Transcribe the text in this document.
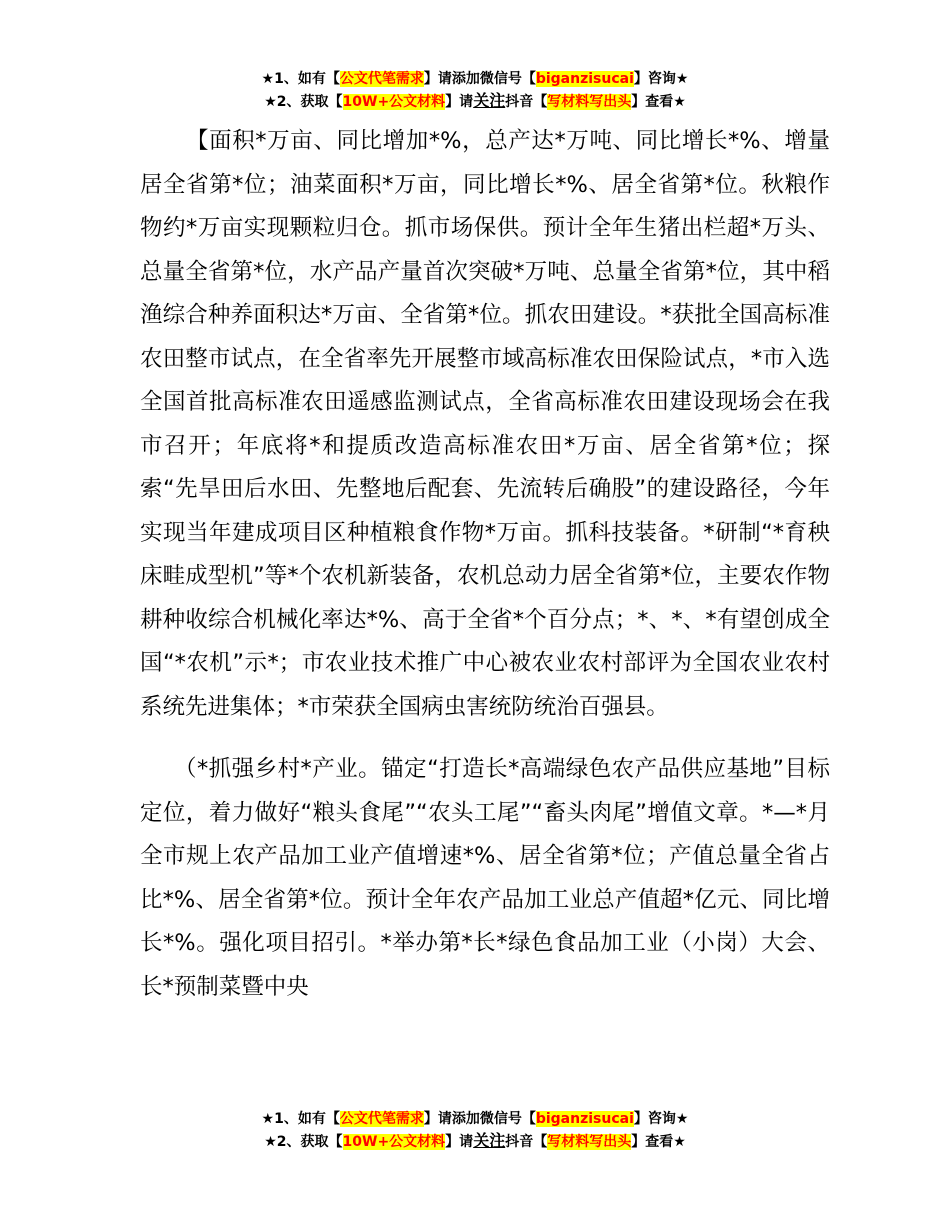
★1、如有【公文代笔需求】请添加微信号【biganzisucai】咨询★
★2、获取【10W+公文材料】请关注抖音【写材料写出头】查看★

【面积*万亩、同比增加*%，总产达*万吨、同比增长*%、增量居全省第*位；油菜面积*万亩，同比增长*%、居全省第*位。秋粮作物约*万亩实现颗粒归仓。抓市场保供。预计全年生猪出栏超*万头、总量全省第*位，水产品产量首次突破*万吨、总量全省第*位，其中稻渔综合种养面积达*万亩、全省第*位。抓农田建设。*获批全国高标准农田整市试点，在全省率先开展整市域高标准农田保险试点，*市入选全国首批高标准农田遥感监测试点，全省高标准农田建设现场会在我市召开；年底将*和提质改造高标准农田*万亩、居全省第*位；探索“先旱田后水田、先整地后配套、先流转后确股”的建设路径，今年实现当年建成项目区种植粮食作物*万亩。抓科技装备。*研制“*育秧床畦成型机”等*个农机新装备，农机总动力居全省第*位，主要农作物耕种收综合机械化率达*%、高于全省*个百分点；*、*、*有望创成全国“*农机”示*；市农业技术推广中心被农业农村部评为全国农业农村系统先进集体；*市荣获全国病虫害统防统治百强县。

（*抓强乡村*产业。锚定“打造长*高端绿色农产品供应基地”目标定位，着力做好“粮头食尾”“农头工尾”“畜头肉尾”增值文章。*—*月全市规上农产品加工业产值增速*%、居全省第*位；产值总量全省占比*%、居全省第*位。预计全年农产品加工业总产值超*亿元、同比增长*%。强化项目招引。*举办第*长*绿色食品加工业（小岗）大会、长*预制菜暨中央

★1、如有【公文代笔需求】请添加微信号【biganzisucai】咨询★
★2、获取【10W+公文材料】请关注抖音【写材料写出头】查看★
